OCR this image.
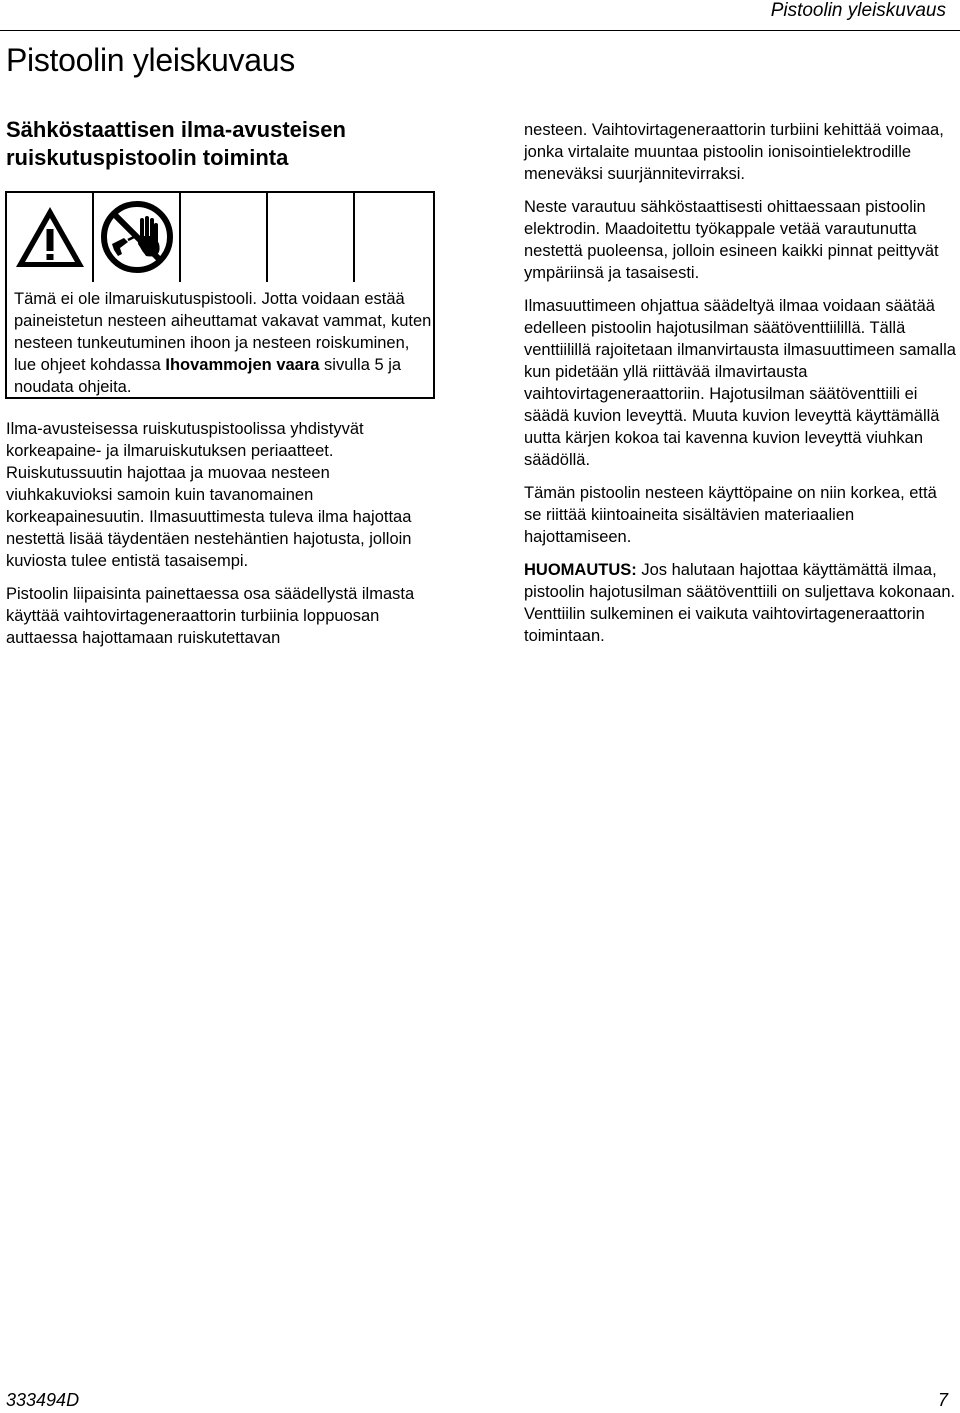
Pistoolin yleiskuvaus
Pistoolin yleiskuvaus
Sähköstaattisen ilma-avusteisen ruiskutuspistoolin toiminta
Tämä ei ole ilmaruiskutuspistooli. Jotta voidaan estää paineistetun nesteen aiheuttamat vakavat vammat, kuten nesteen tunkeutuminen ihoon ja nesteen roiskuminen, lue ohjeet kohdassa Ihovammojen vaara sivulla 5 ja noudata ohjeita.

Ilma-avusteisessa ruiskutuspistoolissa yhdistyvät korkeapaine- ja ilmaruiskutuksen periaatteet. Ruiskutussuutin hajottaa ja muovaa nesteen viuhkakuvioksi samoin kuin tavanomainen korkeapainesuutin. Ilmasuuttimesta tuleva ilma hajottaa nestettä lisää täydentäen nestehäntien hajotusta, jolloin kuviosta tulee entistä tasaisempi.

Pistoolin liipaisinta painettaessa osa säädellystä ilmasta käyttää vaihtovirtageneraattorin turbiinia loppuosan auttaessa hajottamaan ruiskutettavan

nesteen. Vaihtovirtageneraattorin turbiini kehittää voimaa, jonka virtalaite muuntaa pistoolin ionisointielektrodille meneväksi suurjännitevirraksi.

Neste varautuu sähköstaattisesti ohittaessaan pistoolin elektrodin. Maadoitettu työkappale vetää varautunutta nestettä puoleensa, jolloin esineen kaikki pinnat peittyvät ympäriinsä ja tasaisesti.

Ilmasuuttimeen ohjattua säädeltyä ilmaa voidaan säätää edelleen pistoolin hajotusilman säätöventtiilillä. Tällä venttiilillä rajoitetaan ilmanvirtausta ilmasuuttimeen samalla kun pidetään yllä riittävää ilmavirtausta vaihtovirtageneraattoriin. Hajotusilman säätöventtiili ei säädä kuvion leveyttä. Muuta kuvion leveyttä käyttämällä uutta kärjen kokoa tai kavenna kuvion leveyttä viuhkan säädöllä.

Tämän pistoolin nesteen käyttöpaine on niin korkea, että se riittää kiintoaineita sisältävien materiaalien hajottamiseen.

HUOMAUTUS: Jos halutaan hajottaa käyttämättä ilmaa, pistoolin hajotusilman säätöventtiili on suljettava kokonaan. Venttiilin sulkeminen ei vaikuta vaihtovirtageneraattorin toimintaan.

333494D	7
